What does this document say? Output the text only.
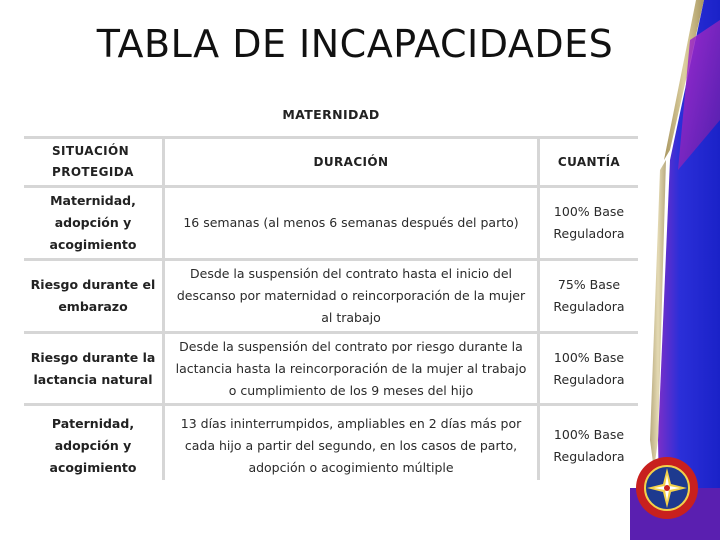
TABLA DE INCAPACIDADES
MATERNIDAD		
SITUACIÓN PROTEGIDA	DURACIÓN	CUANTÍA
Maternidad, adopción y acogimiento	16 semanas (al menos 6 semanas después del parto)	100% Base Reguladora
Riesgo durante el embarazo	Desde la suspensión del contrato hasta el inicio del descanso por maternidad o reincorporación de la mujer al trabajo	75% Base Reguladora
Riesgo durante la lactancia natural	Desde la suspensión del contrato por riesgo durante la lactancia hasta la reincorporación de la mujer al trabajo o cumplimiento de los 9 meses del hijo	100% Base Reguladora
Paternidad, adopción y acogimiento	13 días ininterrumpidos, ampliables en 2 días más por cada hijo a partir del segundo, en los casos de parto, adopción o acogimiento múltiple	100% Base Reguladora
